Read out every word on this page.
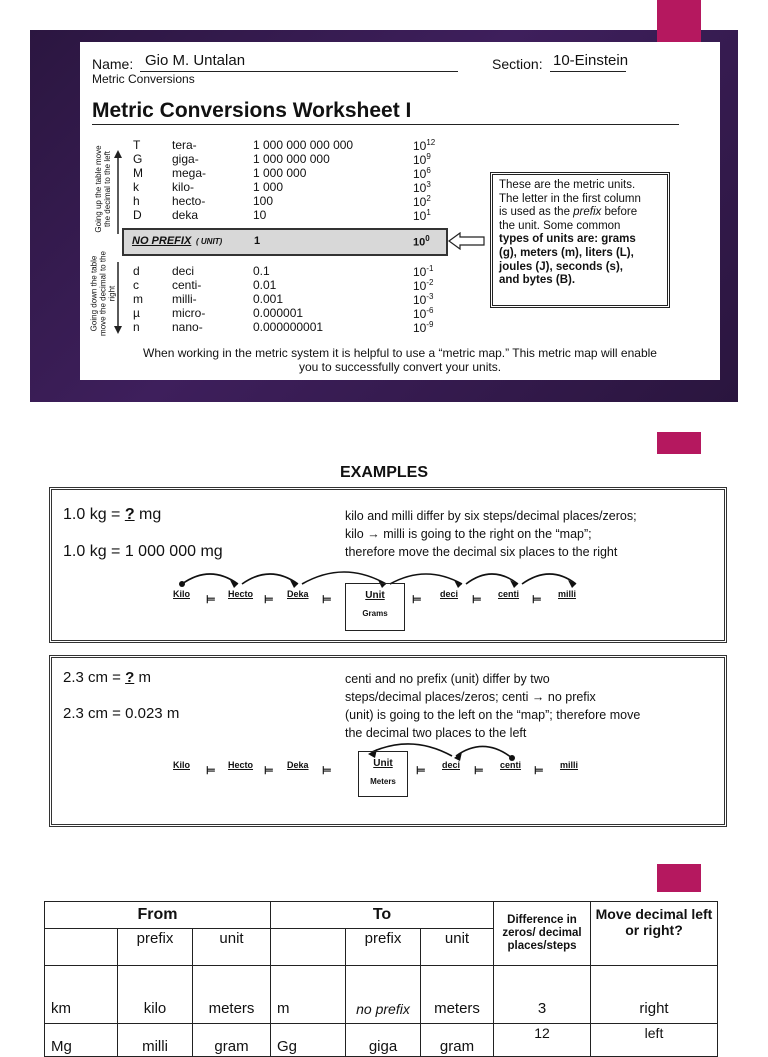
Name: Gio M. Untalan	Section: 10-Einstein
Metric Conversions
Metric Conversions Worksheet I
Going up the table move the decimal to the left
Going down the table move the decimal to the right
T	tera-	1 000 000 000 000	$10^{12}$
G giga-	1 000 000 000	$10^9$
M mega-	1 000 000	$10^6$
k	kilo-	1 000	$10^3$
h	hecto-	100	$10^2$
D	deka	10	$10^1$
NO PREFIX ( UNIT)	1	$10^0$
d	deci	0.1	$10^{-1}$
c	centi-	0.01	$10^{-2}$
m milli-	0.001	$10^{-3}$
µ	micro-	0.000001	$10^{-6}$
n	nano-	0.000000001	$10^{-9}$
These are the metric units.
The letter in the first column
is used as the prefix before
the unit. Some common
types of units are: grams
(g), meters (m), liters (L),
joules (J), seconds (s),
and bytes (B).
When working in the metric system it is helpful to use a “metric map.” This metric map will enable
you to successfully convert your units.
EXAMPLES
1.0 kg = ? mg
1.0 kg = 1 000 000 mg
kilo and milli differ by six steps/decimal places/zeros;
kilo → milli is going to the right on the “map”;
therefore move the decimal six places to the right
Kilo ⊨ Hecto ⊨ Deka ⊨	Unit
Grams
⊨ deci ⊨ centi ⊨ milli
2.3 cm = ? m
2.3 cm = 0.023 m
centi and no prefix (unit) differ by two
steps/decimal places/zeros; centi → no prefix
(unit) is going to the left on the “map”; therefore move
the decimal two places to the left
Kilo ⊨ Hecto ⊨ Deka ⊨
Unit
Meters
⊨ deci ⊨ centi ⊨ milli
From			To			Difference in zeros/ decimal places/steps	Move decimal left or right?
	prefix	unit		prefix	unit		
km	kilo	meters	m	no prefix	meters	3	right
Mg	milli	gram	Gg	giga	gram	12	left
